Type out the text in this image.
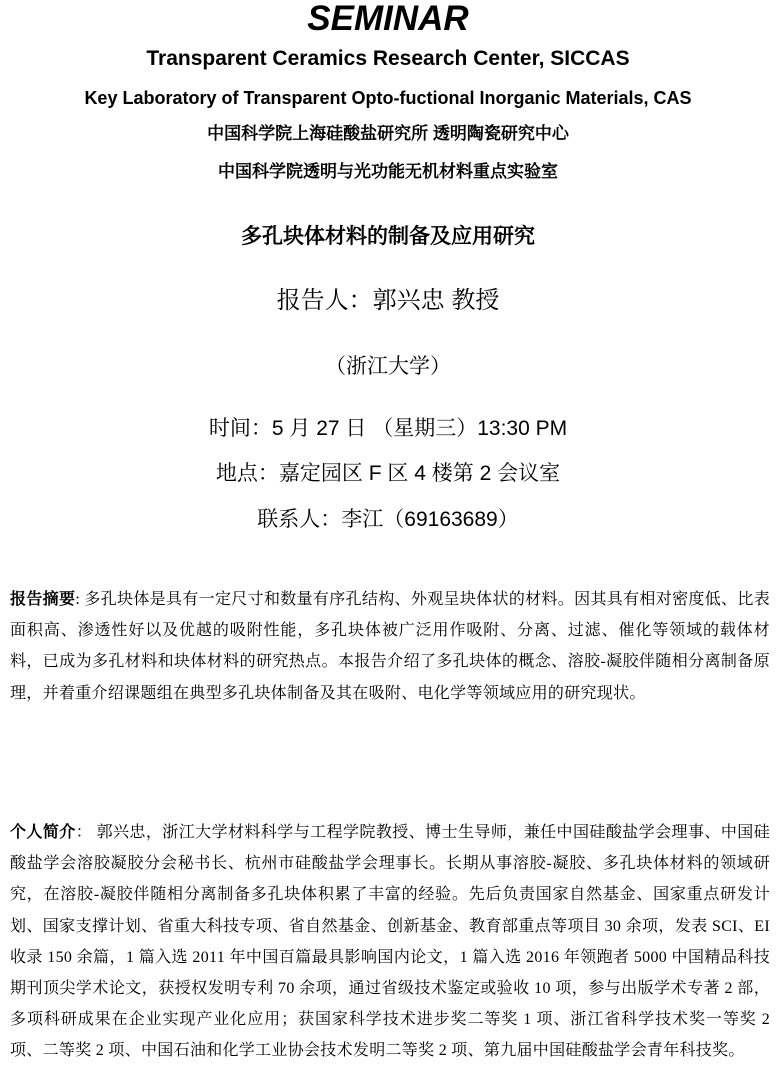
SEMINAR
Transparent Ceramics Research Center, SICCAS
Key Laboratory of Transparent Opto-fuctional Inorganic Materials, CAS
中国科学院上海硅酸盐研究所 透明陶瓷研究中心
中国科学院透明与光功能无机材料重点实验室
多孔块体材料的制备及应用研究
报告人：郭兴忠 教授
（浙江大学）
时间：5 月 27 日 （星期三）13:30 PM
地点：嘉定园区 F 区 4 楼第 2 会议室
联系人：李江（69163689）
报告摘要: 多孔块体是具有一定尺寸和数量有序孔结构、外观呈块体状的材料。因其具有相对密度低、比表面积高、渗透性好以及优越的吸附性能，多孔块体被广泛用作吸附、分离、过滤、催化等领域的载体材料，已成为多孔材料和块体材料的研究热点。本报告介绍了多孔块体的概念、溶胶-凝胶伴随相分离制备原理，并着重介绍课题组在典型多孔块体制备及其在吸附、电化学等领域应用的研究现状。
个人简介： 郭兴忠，浙江大学材料科学与工程学院教授、博士生导师，兼任中国硅酸盐学会理事、中国硅酸盐学会溶胶凝胶分会秘书长、杭州市硅酸盐学会理事长。长期从事溶胶-凝胶、多孔块体材料的领域研究，在溶胶-凝胶伴随相分离制备多孔块体积累了丰富的经验。先后负责国家自然基金、国家重点研发计划、国家支撑计划、省重大科技专项、省自然基金、创新基金、教育部重点等项目 30 余项，发表 SCI、EI 收录 150 余篇，1 篇入选 2011 年中国百篇最具影响国内论文，1 篇入选 2016 年领跑者 5000 中国精品科技期刊顶尖学术论文，获授权发明专利 70 余项，通过省级技术鉴定或验收 10 项，参与出版学术专著 2 部，多项科研成果在企业实现产业化应用；获国家科学技术进步奖二等奖 1 项、浙江省科学技术奖一等奖 2 项、二等奖 2 项、中国石油和化学工业协会技术发明二等奖 2 项、第九届中国硅酸盐学会青年科技奖。
